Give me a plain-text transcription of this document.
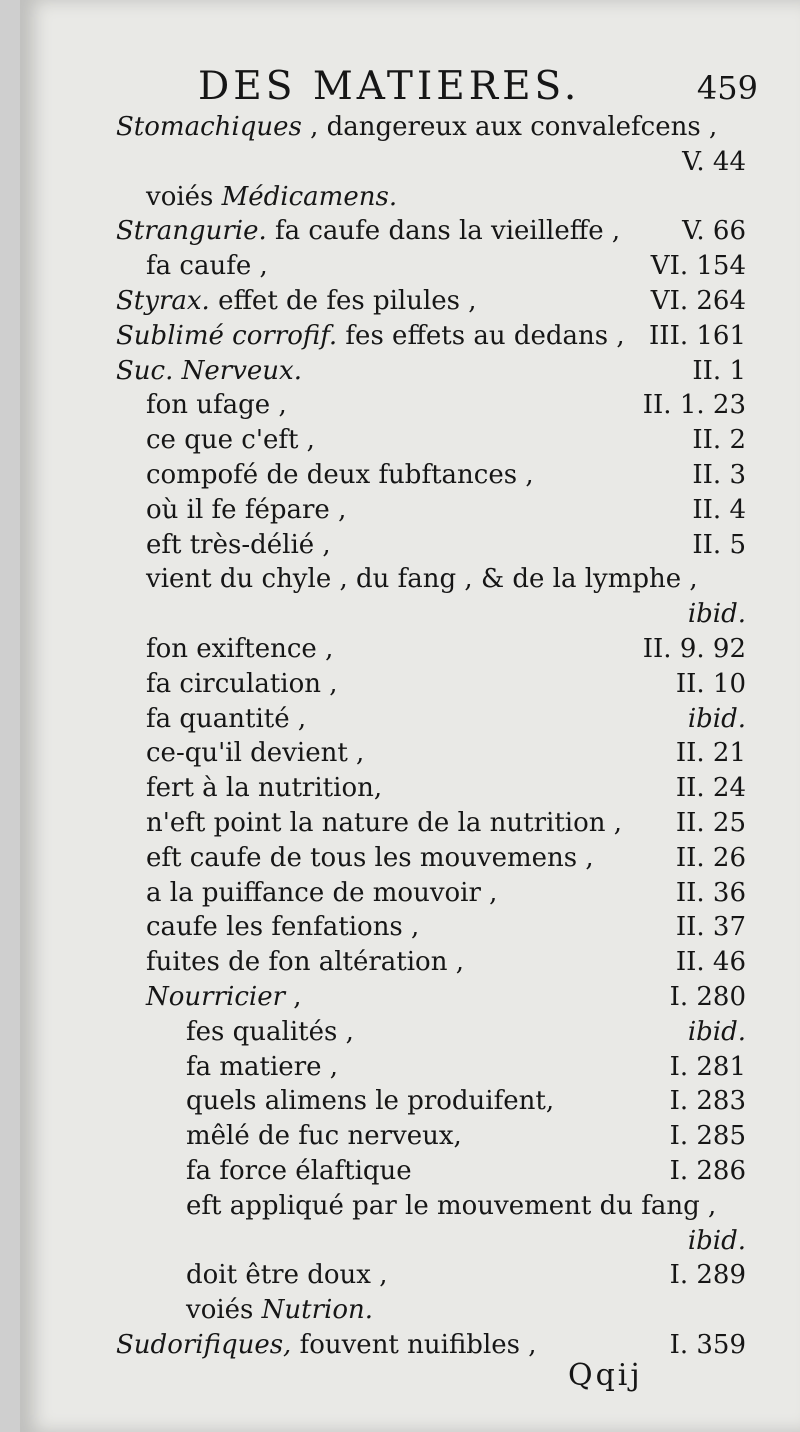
DES MATIERES.	459
Stomachiques , dangereux aux convalefcens ,
V. 44
voiés Médicamens.
Strangurie. fa caufe dans la vieilleffe , V. 66
fa caufe ,	VI. 154
Styrax. effet de fes pilules ,	VI. 264
Sublimé corrofif. fes effets au dedans , III. 161
Suc. Nerveux.	II. 1
fon ufage ,	II. 1. 23
ce que c'eft ,	II. 2
compofé de deux fubftances ,	II. 3
où il fe fépare ,	II. 4
eft très-délié ,	II. 5
vient du chyle , du fang , & de la lymphe ,
ibid.
fon exiftence ,	II. 9. 92
fa circulation ,	II. 10
fa quantité ,	ibid.
ce-qu'il devient ,	II. 21
fert à la nutrition,	II. 24
n'eft point la nature de la nutrition , II. 25
eft caufe de tous les mouvemens ,	II. 26
a la puiffance de mouvoir ,	II. 36
caufe les fenfations ,	II. 37
fuites de fon altération ,	II. 46
Nourricier ,	I. 280
fes qualités ,	ibid.
fa matiere ,	I. 281
quels alimens le produifent,	I. 283
mêlé de fuc nerveux,	I. 285
fa force élaftique	I. 286
eft appliqué par le mouvement du fang ,
ibid.
doit être doux ,	I. 289
voiés Nutrion.
Sudorifiques, fouvent nuifibles ,	I. 359
Qqij
